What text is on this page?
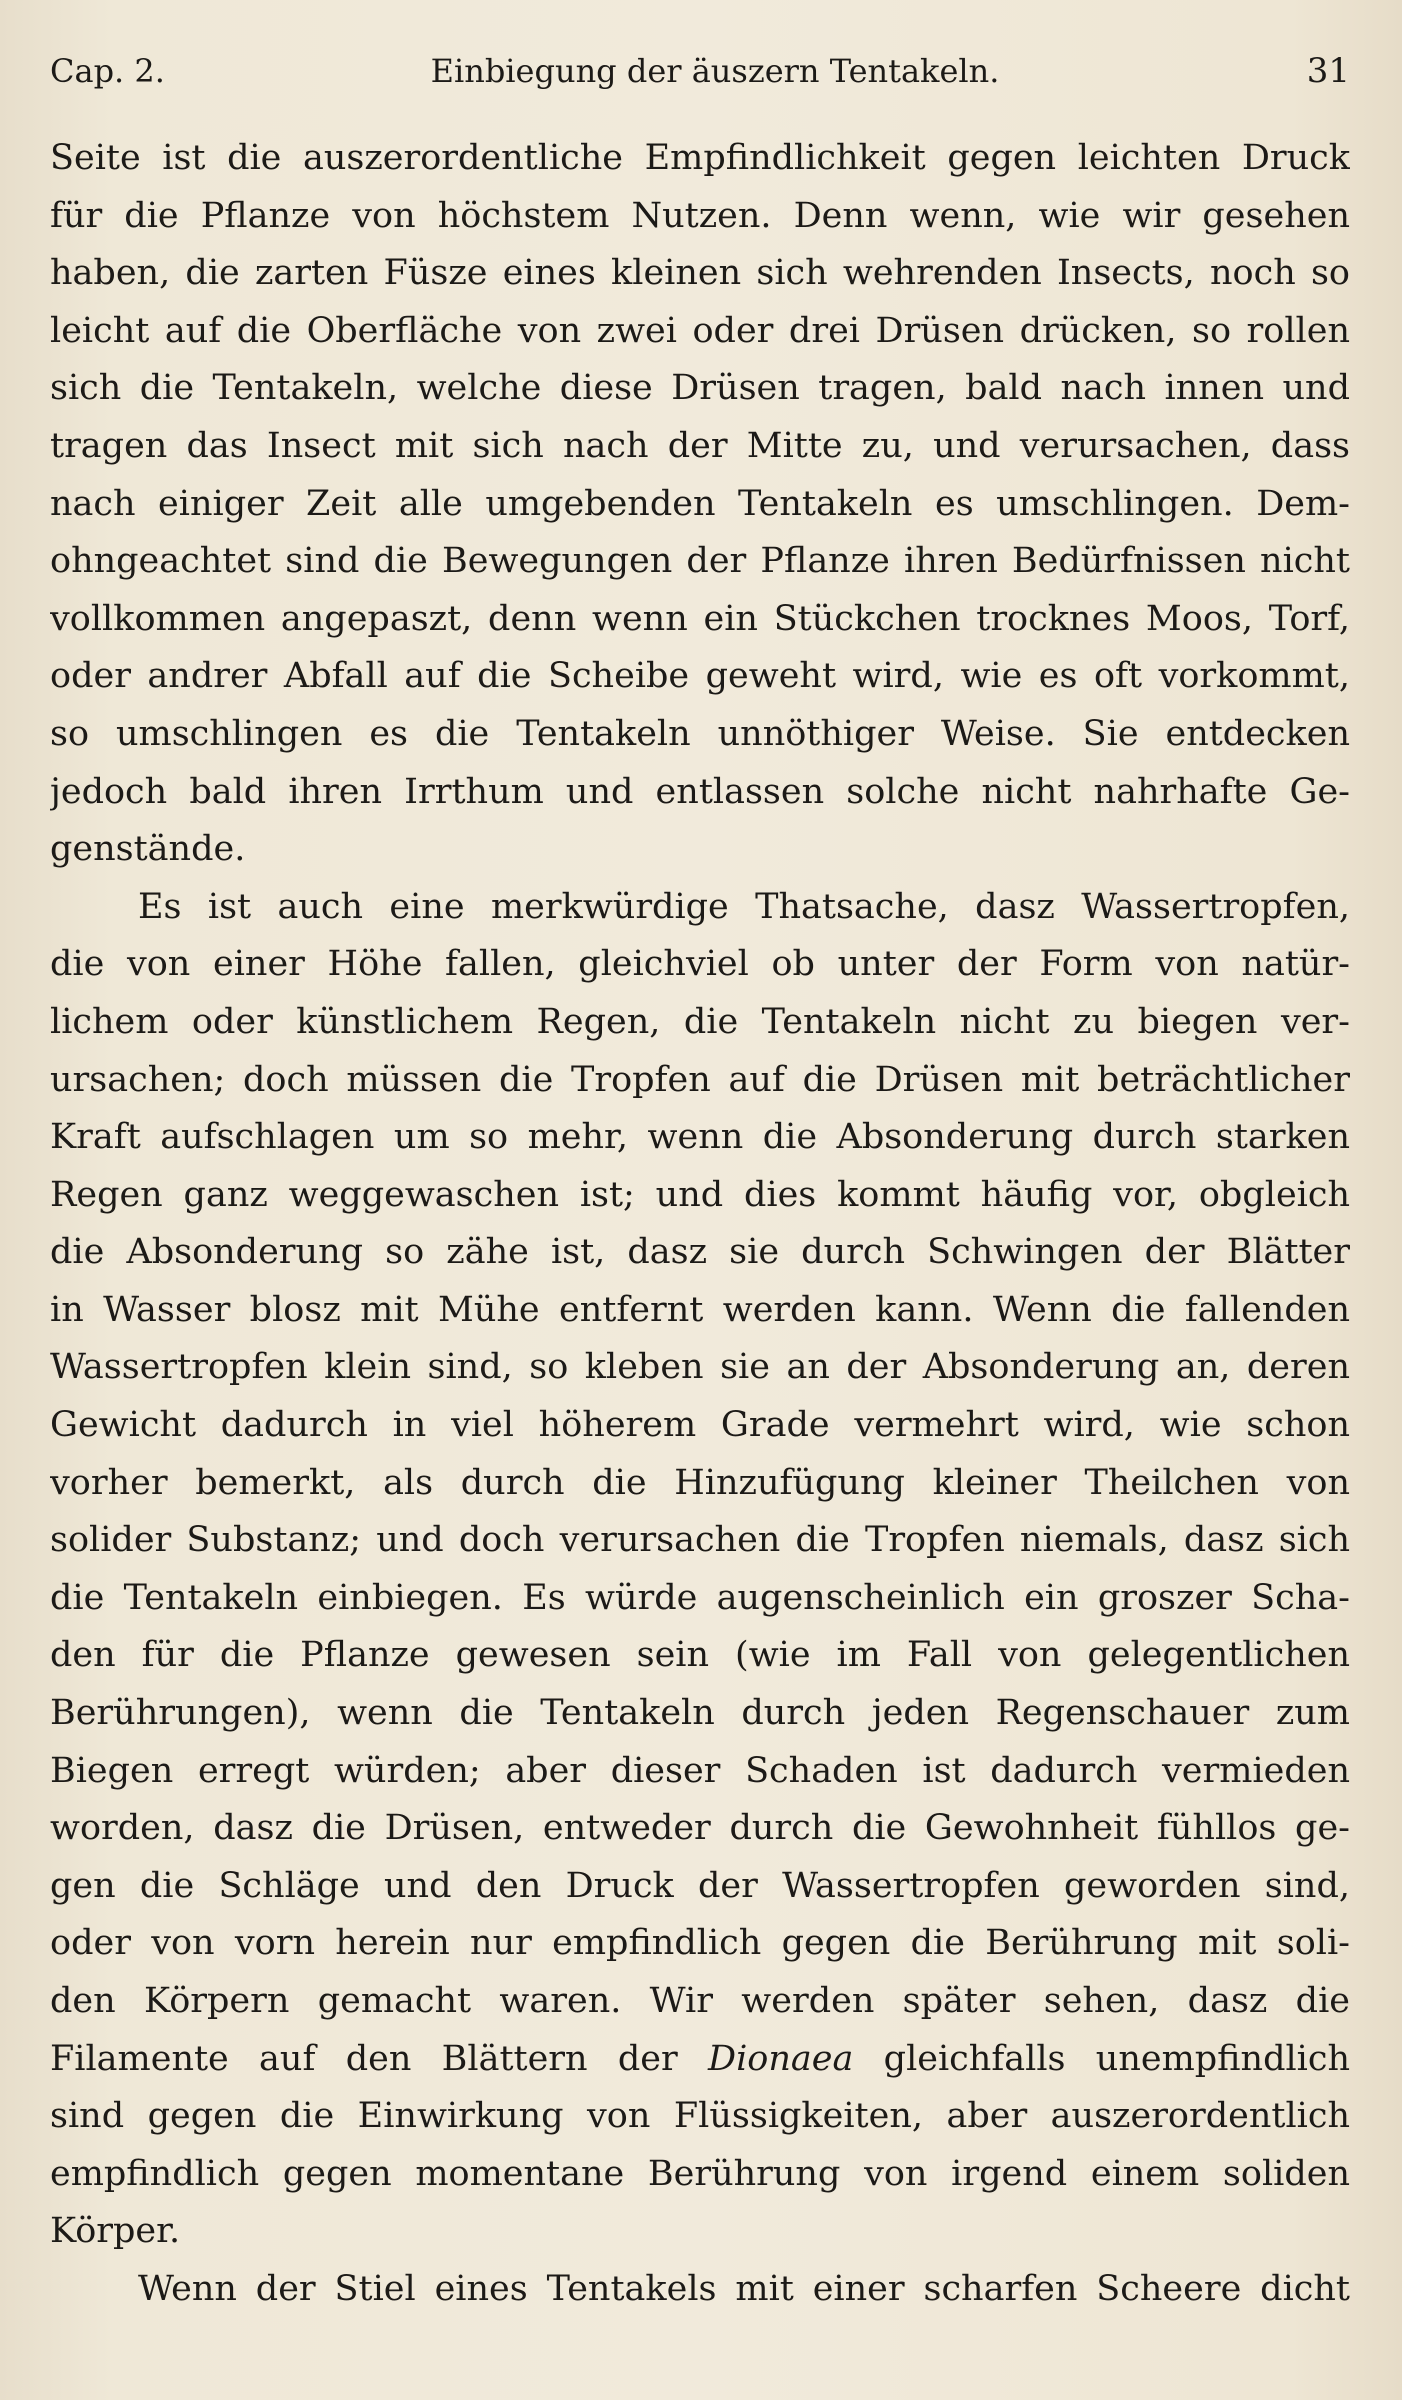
Cap. 2.	Einbiegung der äuszern Tentakeln.	31
Seite ist die auszerordentliche Empfindlichkeit gegen leichten Druck
für die Pflanze von höchstem Nutzen. Denn wenn, wie wir gesehen
haben, die zarten Füsze eines kleinen sich wehrenden Insects, noch so
leicht auf die Oberfläche von zwei oder drei Drüsen drücken, so rollen
sich die Tentakeln, welche diese Drüsen tragen, bald nach innen und
tragen das Insect mit sich nach der Mitte zu, und verursachen, dass
nach einiger Zeit alle umgebenden Tentakeln es umschlingen. Dem-
ohngeachtet sind die Bewegungen der Pflanze ihren Bedürfnissen nicht
vollkommen angepaszt, denn wenn ein Stückchen trocknes Moos, Torf,
oder andrer Abfall auf die Scheibe geweht wird, wie es oft vorkommt,
so umschlingen es die Tentakeln unnöthiger Weise. Sie entdecken
jedoch bald ihren Irrthum und entlassen solche nicht nahrhafte Ge-
genstände.
Es ist auch eine merkwürdige Thatsache, dasz Wassertropfen,
die von einer Höhe fallen, gleichviel ob unter der Form von natür-
lichem oder künstlichem Regen, die Tentakeln nicht zu biegen ver-
ursachen; doch müssen die Tropfen auf die Drüsen mit beträchtlicher
Kraft aufschlagen um so mehr, wenn die Absonderung durch starken
Regen ganz weggewaschen ist; und dies kommt häufig vor, obgleich
die Absonderung so zähe ist, dasz sie durch Schwingen der Blätter
in Wasser blosz mit Mühe entfernt werden kann. Wenn die fallenden
Wassertropfen klein sind, so kleben sie an der Absonderung an, deren
Gewicht dadurch in viel höherem Grade vermehrt wird, wie schon
vorher bemerkt, als durch die Hinzufügung kleiner Theilchen von
solider Substanz; und doch verursachen die Tropfen niemals, dasz sich
die Tentakeln einbiegen. Es würde augenscheinlich ein groszer Scha-
den für die Pflanze gewesen sein (wie im Fall von gelegentlichen
Berührungen), wenn die Tentakeln durch jeden Regenschauer zum
Biegen erregt würden; aber dieser Schaden ist dadurch vermieden
worden, dasz die Drüsen, entweder durch die Gewohnheit fühllos ge-
gen die Schläge und den Druck der Wassertropfen geworden sind,
oder von vorn herein nur empfindlich gegen die Berührung mit soli-
den Körpern gemacht waren. Wir werden später sehen, dasz die
Filamente auf den Blättern der Dionaea gleichfalls unempfindlich
sind gegen die Einwirkung von Flüssigkeiten, aber auszerordentlich
empfindlich gegen momentane Berührung von irgend einem soliden
Körper.
Wenn der Stiel eines Tentakels mit einer scharfen Scheere dicht
